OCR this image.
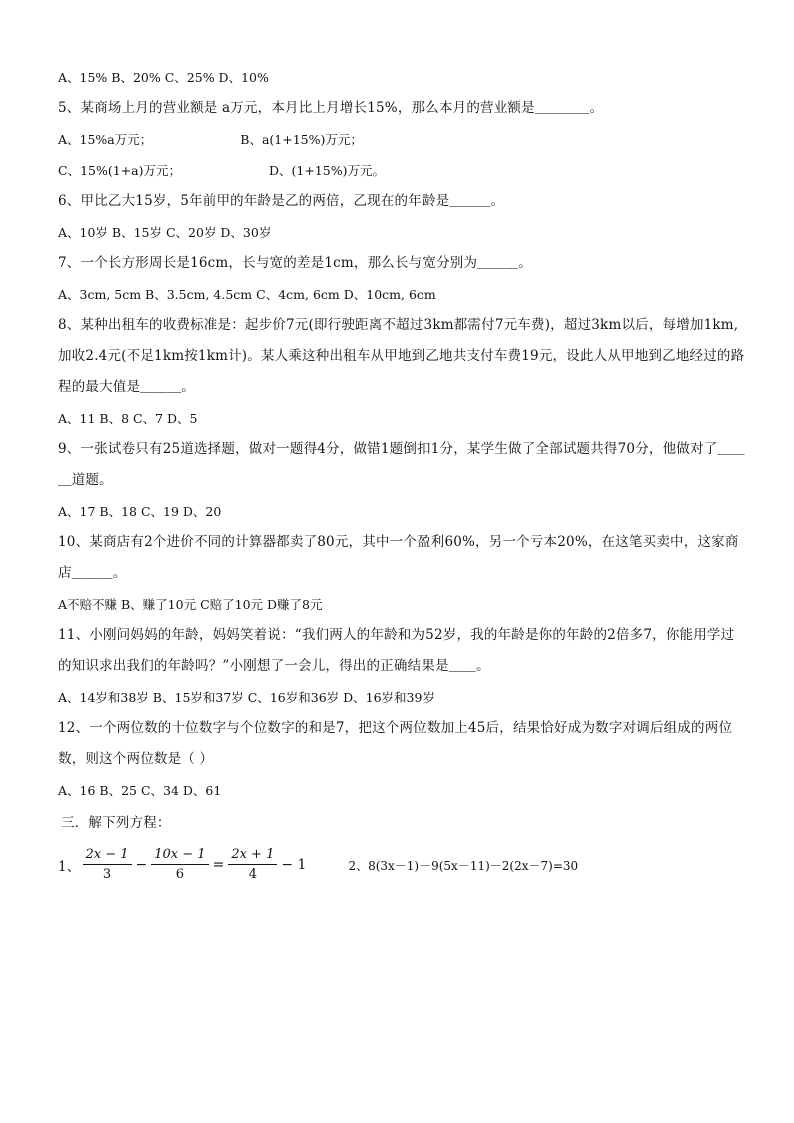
A、15% B、20% C、25% D、10%
5、某商场上月的营业额是 a万元，本月比上月增长15%，那么本月的营业额是＿＿＿＿。
A、15%a万元；	B、a(1+15%)万元；
C、15%(1+a)万元；	D、(1+15%)万元。
6、甲比乙大15岁，5年前甲的年龄是乙的两倍，乙现在的年龄是＿＿＿。
A、10岁 B、15岁 C、20岁 D、30岁
7、一个长方形周长是16cm，长与宽的差是1cm，那么长与宽分别为＿＿＿。
A、3cm, 5cm B、3.5cm, 4.5cm C、4cm, 6cm D、10cm, 6cm
8、某种出租车的收费标准是：起步价7元(即行驶距离不超过3km都需付7元车费)，超过3km以后，每增加1km,加收2.4元(不足1km按1km计)。某人乘这种出租车从甲地到乙地共支付车费19元，设此人从甲地到乙地经过的路程的最大值是＿＿＿。
A、11 B、8 C、7 D、5
9、一张试卷只有25道选择题，做对一题得4分，做错1题倒扣1分，某学生做了全部试题共得70分，他做对了＿＿＿道题。
A、17 B、18 C、19 D、20
10、某商店有2个进价不同的计算器都卖了80元，其中一个盈利60%，另一个亏本20%，在这笔买卖中，这家商店＿＿＿。
A不赔不赚 B、赚了10元 C赔了10元 D赚了8元
11、小刚问妈妈的年龄，妈妈笑着说：“我们两人的年龄和为52岁，我的年龄是你的年龄的2倍多7，你能用学过的知识求出我们的年龄吗？”小刚想了一会儿，得出的正确结果是＿＿。
A、14岁和38岁 B、15岁和37岁 C、16岁和36岁 D、16岁和39岁
12、一个两位数的十位数字与个位数字的和是7，把这个两位数加上45后，结果恰好成为数字对调后组成的两位数，则这个两位数是（ ）
A、16 B、25 C、34 D、61
三．解下列方程：
1、 $\frac{2x - 1}{3} - \frac{10x - 1}{6} = \frac{2x + 1}{4} - 1$	2、8(3x－1)－9(5x－11)－2(2x－7)=30
